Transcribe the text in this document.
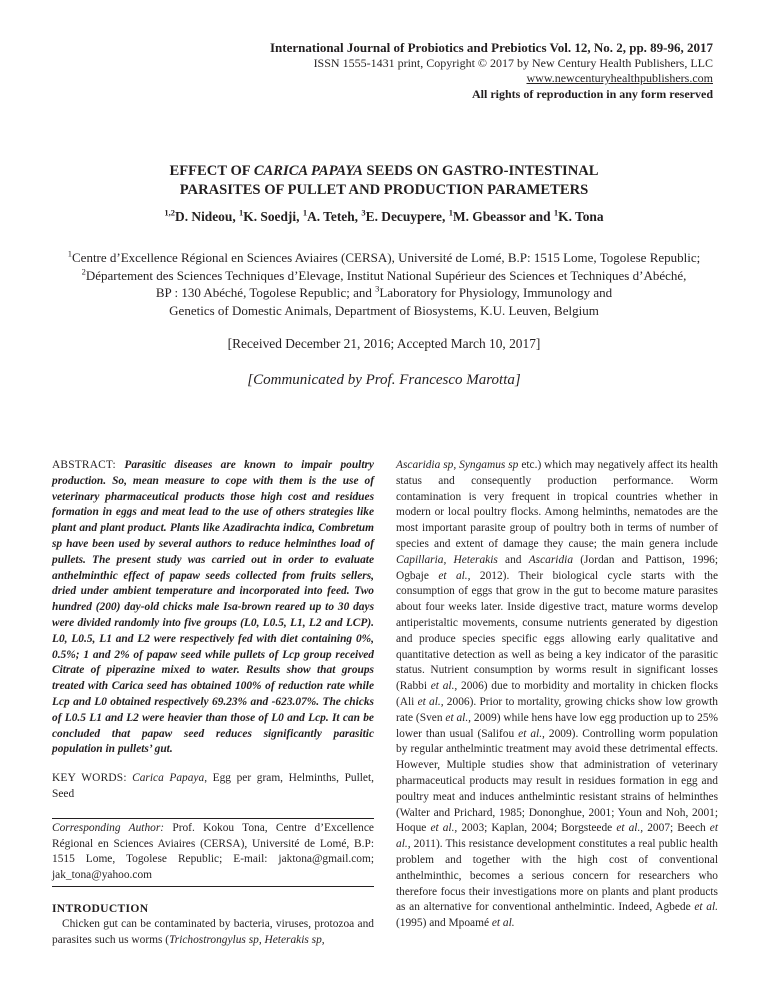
International Journal of Probiotics and Prebiotics Vol. 12, No. 2, pp. 89-96, 2017
ISSN 1555-1431 print, Copyright © 2017 by New Century Health Publishers, LLC
www.newcenturyhealthpublishers.com
All rights of reproduction in any form reserved
EFFECT OF CARICA PAPAYA SEEDS ON GASTRO-INTESTINAL
PARASITES OF PULLET AND PRODUCTION PARAMETERS
$^{1,2}$D. Nideou, $^1$K. Soedji, $^1$A. Teteh, $^3$E. Decuypere, $^1$M. Gbeassor and $^1$K. Tona
$^1$Centre d’Excellence Régional en Sciences Aviaires (CERSA), Université de Lomé, B.P: 1515 Lome, Togolese Republic;
$^2$Département des Sciences Techniques d’Elevage, Institut National Supérieur des Sciences et Techniques d’Abéché,
BP : 130 Abéché, Togolese Republic; and $^3$Laboratory for Physiology, Immunology and
Genetics of Domestic Animals, Department of Biosystems, K.U. Leuven, Belgium
[Received December 21, 2016; Accepted March 10, 2017]
[Communicated by Prof. Francesco Marotta]

ABSTRACT: Parasitic diseases are known to impair poultry production. So, mean measure to cope with them is the use of veterinary pharmaceutical products those high cost and residues formation in eggs and meat lead to the use of others strategies like plant and plant product. Plants like Azadirachta indica, Combretum sp have been used by several authors to reduce helminthes load of pullets. The present study was carried out in order to evaluate anthelminthic effect of papaw seeds collected from fruits sellers, dried under ambient temperature and incorporated into feed. Two hundred (200) day-old chicks male Isa-brown reared up to 30 days were divided randomly into five groups (L0, L0.5, L1, L2 and LCP). L0, L0.5, L1 and L2 were respectively fed with diet containing 0%, 0.5%; 1 and 2% of papaw seed while pullets of Lcp group received Citrate of piperazine mixed to water. Results show that groups treated with Carica seed has obtained 100% of reduction rate while Lcp and L0 obtained respectively 69.23% and -623.07%. The chicks of L0.5 L1 and L2 were heavier than those of L0 and Lcp. It can be concluded that papaw seed reduces significantly parasitic population in pullets’ gut.

KEY WORDS: Carica Papaya, Egg per gram, Helminths, Pullet, Seed

Corresponding Author: Prof. Kokou Tona, Centre d’Excellence Régional en Sciences Aviaires (CERSA), Université de Lomé, B.P: 1515 Lome, Togolese Republic; E-mail: jaktona@gmail.com; jak_tona@yahoo.com

INTRODUCTION

Chicken gut can be contaminated by bacteria, viruses, protozoa and parasites such us worms (Trichostrongylus sp, Heterakis sp,

Ascaridia sp, Syngamus sp etc.) which may negatively affect its health status and consequently production performance. Worm contamination is very frequent in tropical countries whether in modern or local poultry flocks. Among helminths, nematodes are the most important parasite group of poultry both in terms of number of species and extent of damage they cause; the main genera include Capillaria, Heterakis and Ascaridia (Jordan and Pattison, 1996; Ogbaje et al., 2012). Their biological cycle starts with the consumption of eggs that grow in the gut to become mature parasites about four weeks later. Inside digestive tract, mature worms develop antiperistaltic movements, consume nutrients generated by digestion and produce species specific eggs allowing early qualitative and quantitative detection as well as being a key indicator of the parasitic status. Nutrient consumption by worms result in significant losses (Rabbi et al., 2006) due to morbidity and mortality in chicken flocks (Ali et al., 2006). Prior to mortality, growing chicks show low growth rate (Sven et al., 2009) while hens have low egg production up to 25% lower than usual (Salifou et al., 2009). Controlling worm population by regular anthelmintic treatment may avoid these detrimental effects. However, Multiple studies show that administration of veterinary pharmaceutical products may result in residues formation in egg and poultry meat and induces anthelmintic resistant strains of helminthes (Walter and Prichard, 1985; Dononghue, 2001; Youn and Noh, 2001; Hoque et al., 2003; Kaplan, 2004; Borgsteede et al., 2007; Beech et al., 2011). This resistance development constitutes a real public health problem and together with the high cost of conventional anthelminthic, becomes a serious concern for researchers who therefore focus their investigations more on plants and plant products as an alternative for conventional anthelmintic. Indeed, Agbede et al. (1995) and Mpoamé et al.
